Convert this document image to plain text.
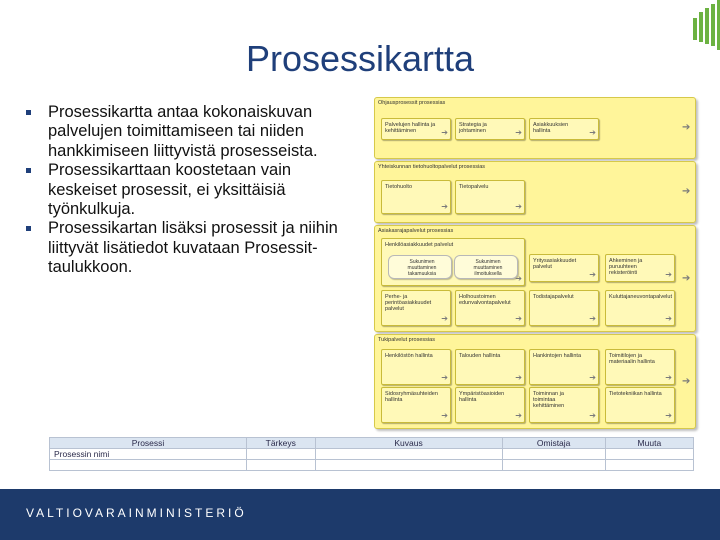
Prosessikartta
Prosessikartta antaa kokonaiskuvan palvelujen toimittamiseen tai niiden hankkimiseen liittyvistä prosesseista.
Prosessikarttaan koostetaan vain keskeiset prosessit, ei yksittäisiä työnkulkuja.
Prosessikartan lisäksi prosessit ja niihin liittyvät lisätiedot kuvataan Prosessit-taulukkoon.
Ohjausprosessit prosessias
➔
Palvelujen hallinta ja kehittäminen	➔
Strategia ja johtaminen	➔
Asiakkuuksien hallinta	➔
Yhteiskunnan tietohuoltopalvelut prosessias
➔
Tietohuolto
➔
Tietopalvelu
➔
Asiakasrajapalvelut prosessias
➔
Henkilöasiakkuudet palvelut
Sukunimen muuttaminen takamuuksia
Sukunimen muuttaminen ilmoituksella	➔
Yritysasiakkuudet palvelut
➔
Ahkeminen ja puruuhteen rekisteröinti	➔
Perhe- ja perintöasiakkuudet palvelut
➔
Holhoustoimen edunvalvontapalvelut
➔
Todistajapalvelut
➔
Kuluttajaneuvontapalvelut
➔
Tukipalvelut prosessias
➔
Henkilöstön hallinta
➔
Talouden hallinta
➔
Hankintojen hallinta
➔
Toimitilojen ja materiaalin hallinta
➔
Sidosryhmäsuhteiden hallinta
➔
Ympäristöasioiden hallinta
➔
Toiminnan ja toimintaa kehittäminen
➔
Tietotekniikan hallinta
➔
Prosessi	Tärkeys	Kuvaus	Omistaja	Muuta
Prosessin nimi				

VALTIOVARAINMINISTERIÖ
